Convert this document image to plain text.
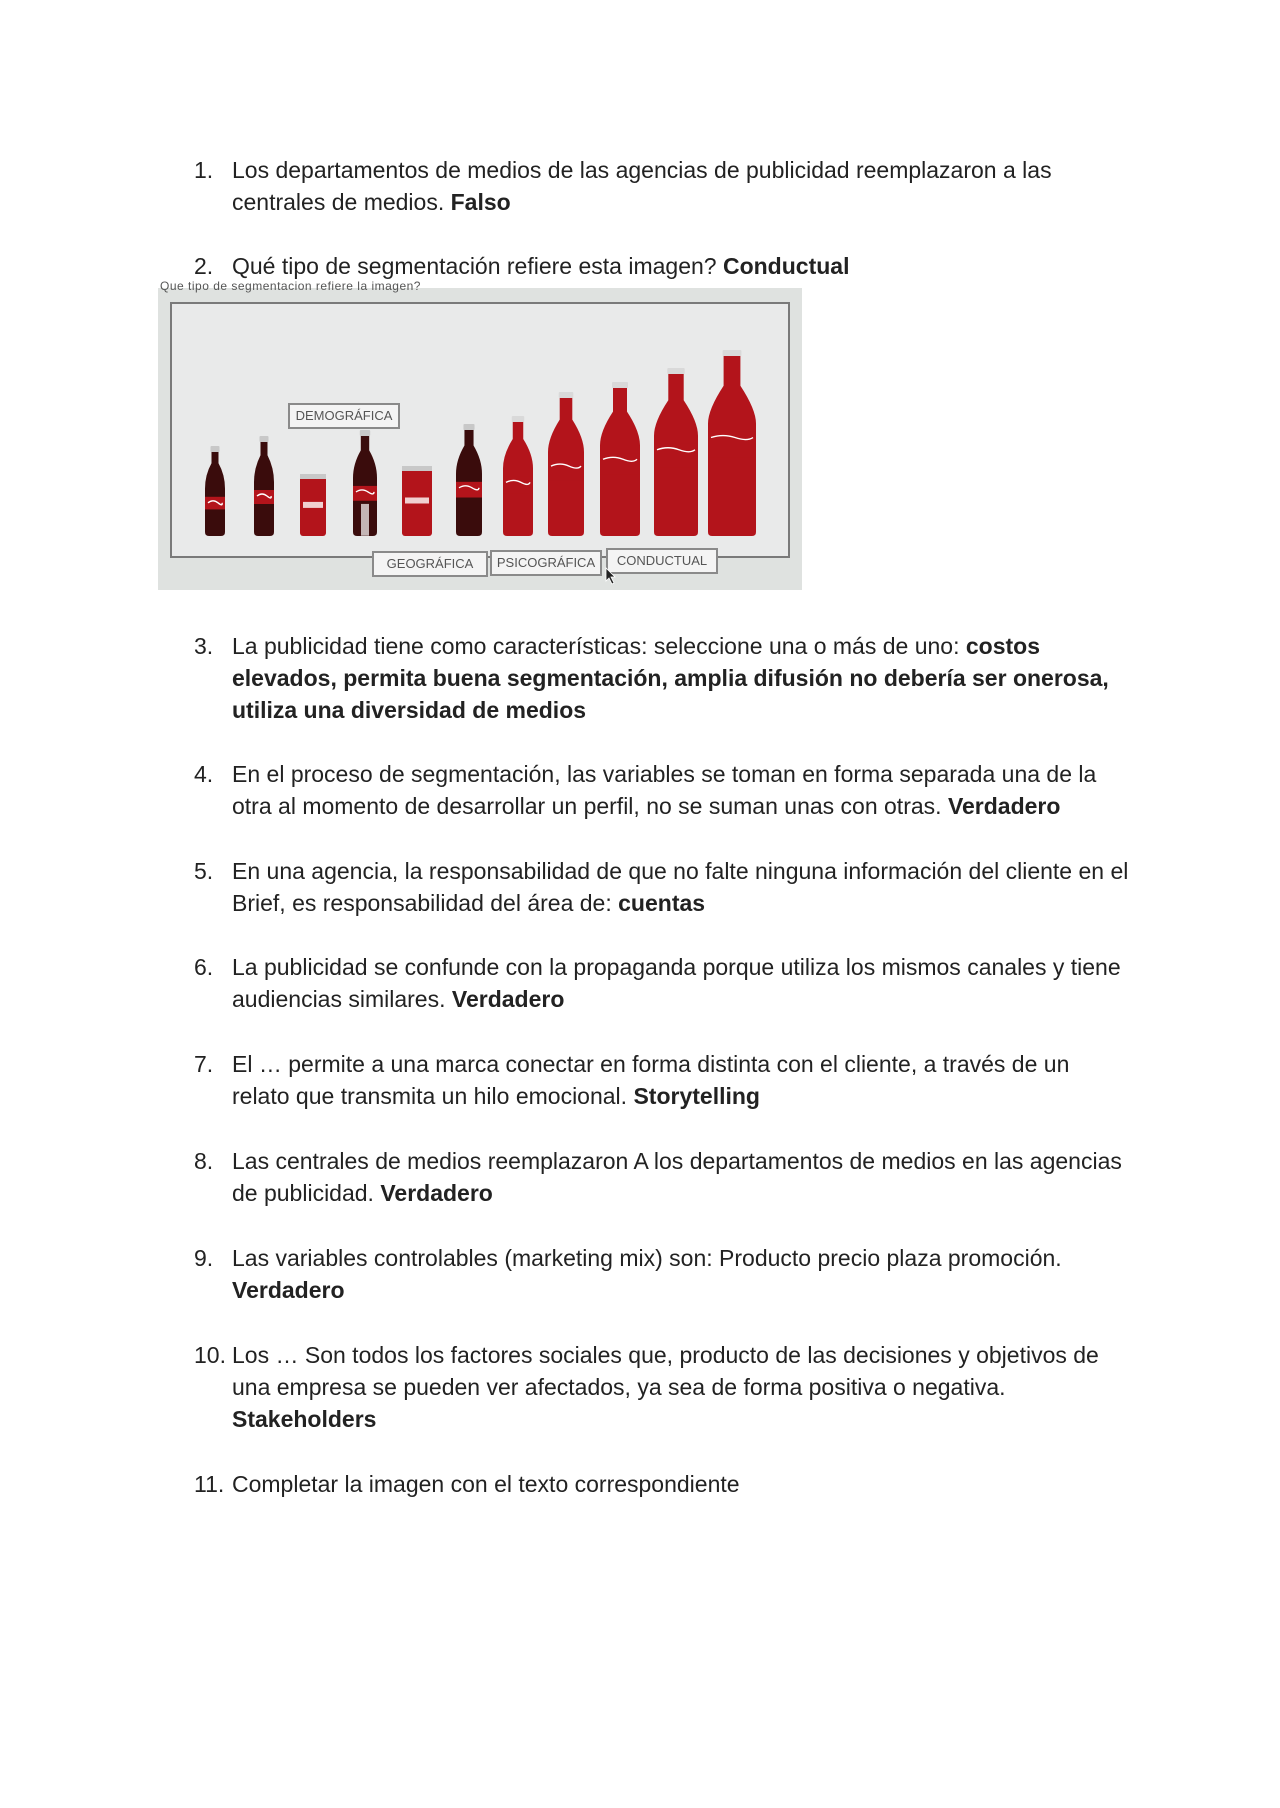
1. Los departamentos de medios de las agencias de publicidad reemplazaron a las centrales de medios. Falso
2. Qué tipo de segmentación refiere esta imagen? Conductual
Que tipo de segmentacion refiere la imagen?
DEMOGRÁFICA
GEOGRÁFICA	PSICOGRÁFICA	CONDUCTUAL
3. La publicidad tiene como características: seleccione una o más de uno: costos elevados, permita buena segmentación, amplia difusión no debería ser onerosa, utiliza una diversidad de medios
4. En el proceso de segmentación, las variables se toman en forma separada una de la otra al momento de desarrollar un perfil, no se suman unas con otras. Verdadero
5. En una agencia, la responsabilidad de que no falte ninguna información del cliente en el Brief, es responsabilidad del área de: cuentas
6. La publicidad se confunde con la propaganda porque utiliza los mismos canales y tiene audiencias similares. Verdadero
7. El … permite a una marca conectar en forma distinta con el cliente, a través de un relato que transmita un hilo emocional. Storytelling
8. Las centrales de medios reemplazaron A los departamentos de medios en las agencias de publicidad. Verdadero
9. Las variables controlables (marketing mix) son: Producto precio plaza promoción. Verdadero
10. Los … Son todos los factores sociales que, producto de las decisiones y objetivos de una empresa se pueden ver afectados, ya sea de forma positiva o negativa. Stakeholders
11. Completar la imagen con el texto correspondiente
